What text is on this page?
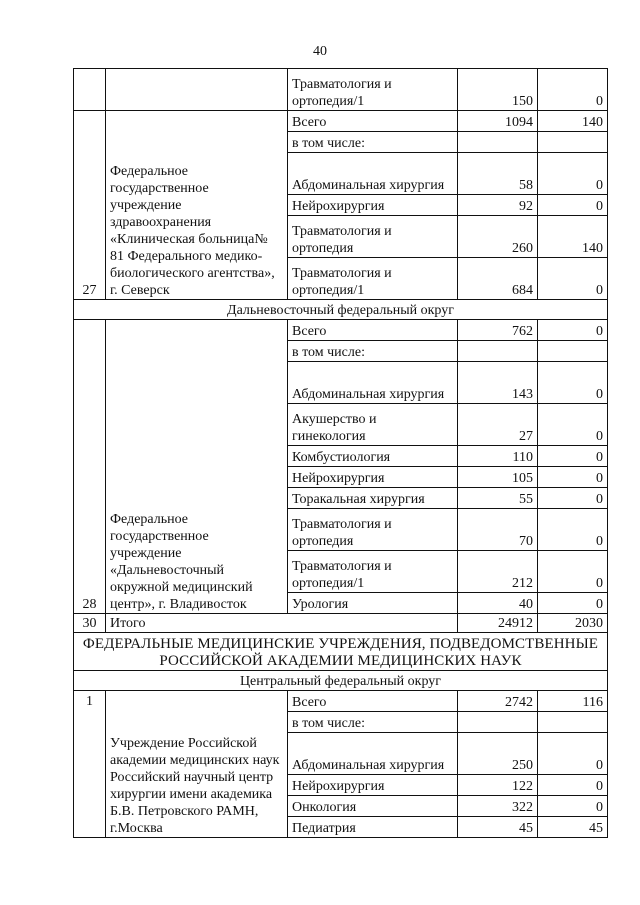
40
		Травматология и ортопедия/1	150	0
27	Федеральное государственное учреждение здравоохранения «Клиническая больница№ 81 Федерального медико-биологического агентства», г. Северск	Всего	1094	140
		в том числе:		
		Абдоминальная хирургия	58	0
		Нейрохирургия	92	0
		Травматология и ортопедия	260	140
		Травматология и ортопедия/1	684	0
Дальневосточный федеральный округ				
28	Федеральное государственное учреждение «Дальневосточный окружной медицинский центр», г. Владивосток	Всего	762	0
		в том числе:		
		Абдоминальная хирургия	143	0
		Акушерство и гинекология	27	0
		Комбустиология	110	0
		Нейрохирургия	105	0
		Торакальная хирургия	55	0
		Травматология и ортопедия	70	0
		Травматология и ортопедия/1	212	0
		Урология	40	0
30	Итого		24912	2030
ФЕДЕРАЛЬНЫЕ МЕДИЦИНСКИЕ УЧРЕЖДЕНИЯ, ПОДВЕДОМСТВЕННЫЕ РОССИЙСКОЙ АКАДЕМИИ МЕДИЦИНСКИХ НАУК				
Центральный федеральный округ				
1	Учреждение Российской академии медицинских наук Российский научный центр хирургии имени академика Б.В. Петровского РАМН, г.Москва	Всего	2742	116
		в том числе:		
		Абдоминальная хирургия	250	0
		Нейрохирургия	122	0
		Онкология	322	0
		Педиатрия	45	45
